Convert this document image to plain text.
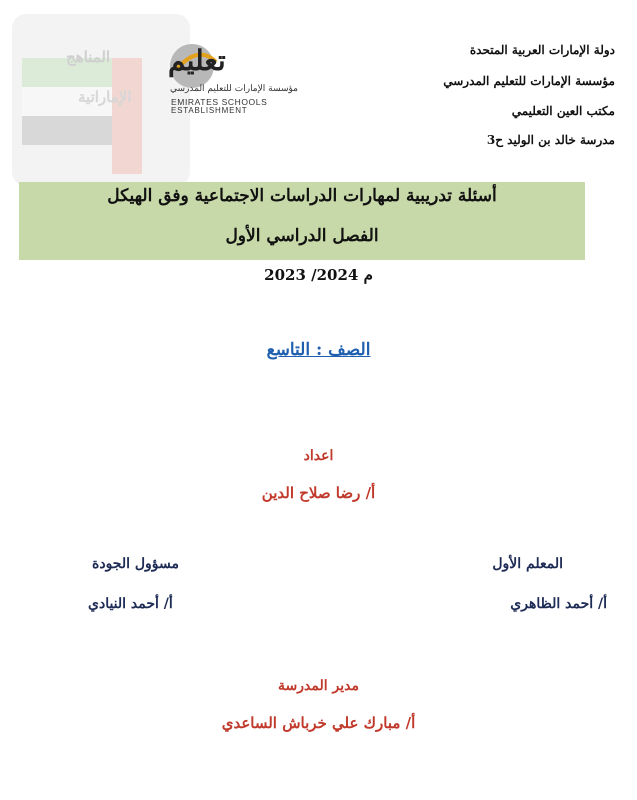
المناهج
الإماراتية
تعليم
مؤسسة الإمارات للتعليم المدرسي
EMIRATES SCHOOLS
ESTABLISHMENT
دولة الإمارات العربية المتحدة
مؤسسة الإمارات للتعليم المدرسي
مكتب العين التعليمي
مدرسة خالد بن الوليد ح3
أسئلة تدريبية لمهارات الدراسات الاجتماعية وفق الهيكل
الفصل الدراسي الأول
2023 /2024 م
الصف : التاسع
اعداد
أ/ رضا صلاح الدين
المعلم الأول
أ/ أحمد الظاهري
مسؤول الجودة
أ/ أحمد النيادي
مدير المدرسة
أ/ مبارك علي خرباش الساعدي
